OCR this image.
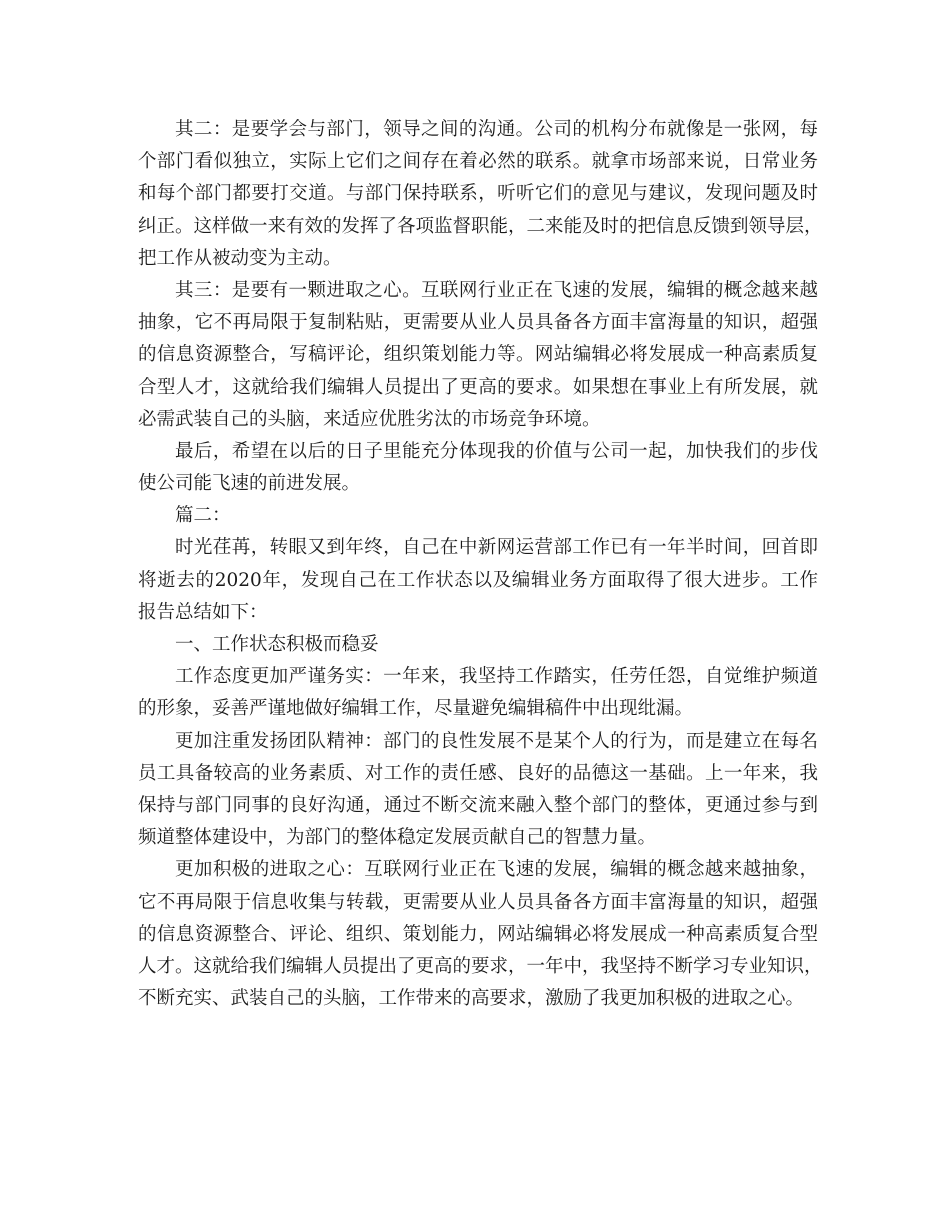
其二：是要学会与部门，领导之间的沟通。公司的机构分布就像是一张网，每
个部门看似独立，实际上它们之间存在着必然的联系。就拿市场部来说，日常业务
和每个部门都要打交道。与部门保持联系，听听它们的意见与建议，发现问题及时
纠正。这样做一来有效的发挥了各项监督职能，二来能及时的把信息反馈到领导层，
把工作从被动变为主动。
其三：是要有一颗进取之心。互联网行业正在飞速的发展，编辑的概念越来越
抽象，它不再局限于复制粘贴，更需要从业人员具备各方面丰富海量的知识，超强
的信息资源整合，写稿评论，组织策划能力等。网站编辑必将发展成一种高素质复
合型人才，这就给我们编辑人员提出了更高的要求。如果想在事业上有所发展，就
必需武装自己的头脑，来适应优胜劣汰的市场竞争环境。
最后，希望在以后的日子里能充分体现我的价值与公司一起，加快我们的步伐
使公司能飞速的前进发展。
篇二：
时光荏苒，转眼又到年终，自己在中新网运营部工作已有一年半时间，回首即
将逝去的2020年，发现自己在工作状态以及编辑业务方面取得了很大进步。工作
报告总结如下：
一、工作状态积极而稳妥
工作态度更加严谨务实：一年来，我坚持工作踏实，任劳任怨，自觉维护频道
的形象，妥善严谨地做好编辑工作，尽量避免编辑稿件中出现纰漏。
更加注重发扬团队精神：部门的良性发展不是某个人的行为，而是建立在每名
员工具备较高的业务素质、对工作的责任感、良好的品德这一基础。上一年来，我
保持与部门同事的良好沟通，通过不断交流来融入整个部门的整体，更通过参与到
频道整体建设中，为部门的整体稳定发展贡献自己的智慧力量。
更加积极的进取之心：互联网行业正在飞速的发展，编辑的概念越来越抽象，
它不再局限于信息收集与转载，更需要从业人员具备各方面丰富海量的知识，超强
的信息资源整合、评论、组织、策划能力，网站编辑必将发展成一种高素质复合型
人才。这就给我们编辑人员提出了更高的要求，一年中，我坚持不断学习专业知识，
不断充实、武装自己的头脑，工作带来的高要求，激励了我更加积极的进取之心。
